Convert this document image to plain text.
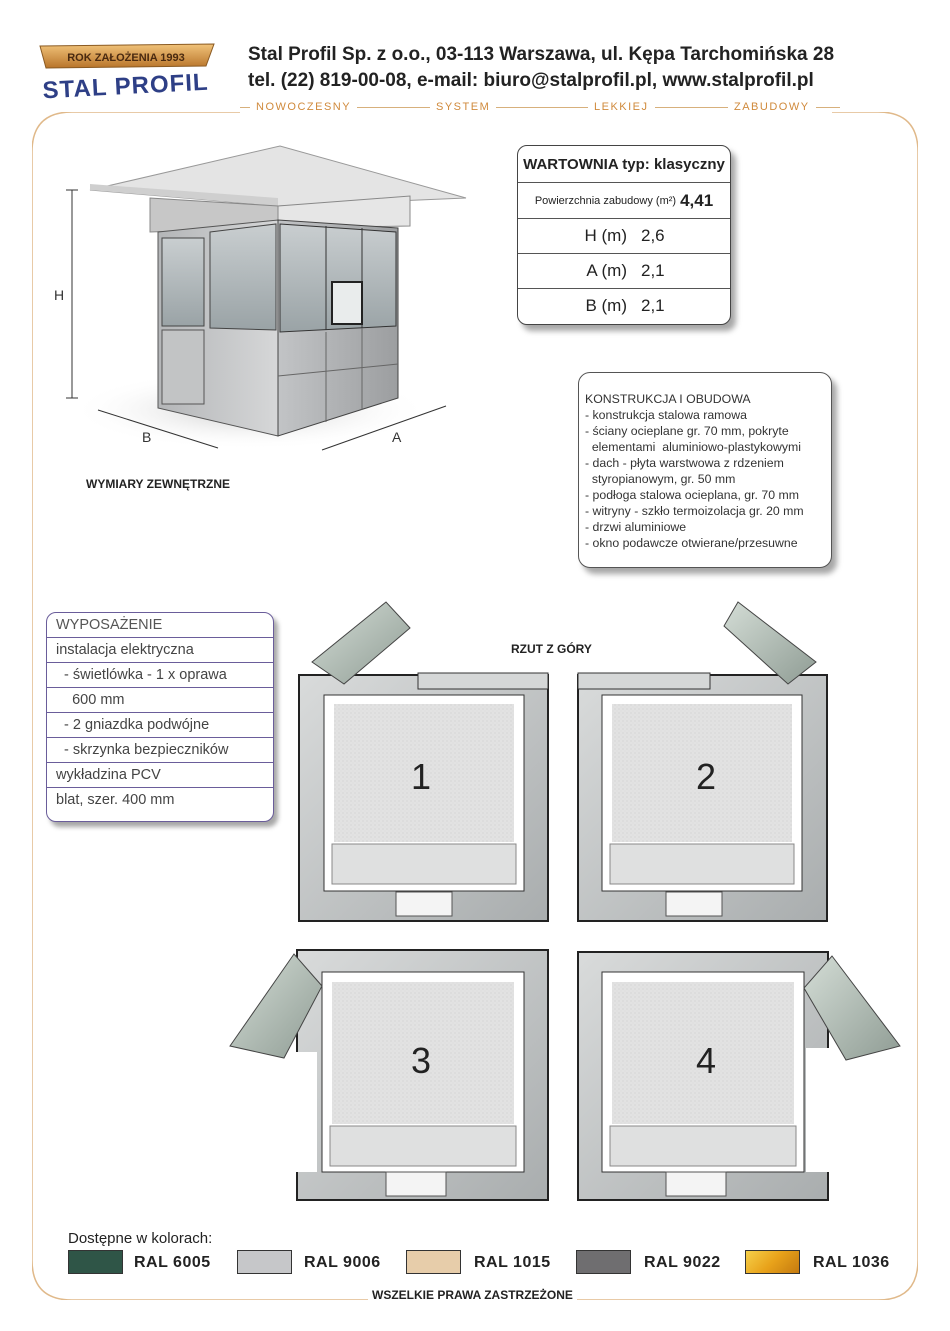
ROK ZAŁOŻENIA 1993
STAL PROFIL
Stal Profil Sp. z o.o., 03-113 Warszawa, ul. Kępa Tarchomińska 28
tel. (22) 819-00-08, e-mail: biuro@stalprofil.pl, www.stalprofil.pl
NOWOCZESNY	SYSTEM	LEKKIEJ	ZABUDOWY
H
B	A
WYMIARY ZEWNĘTRZNE
WARTOWNIA typ: klasyczny
Powierzchnia zabudowy (m²) 4,41
H (m) 2,6
A (m) 2,1
B (m) 2,1
KONSTRUKCJA I OBUDOWA
- konstrukcja stalowa ramowa
- ściany ocieplane gr. 70 mm, pokryte
elementami  aluminiowo-plastykowymi
- dach - płyta warstwowa z rdzeniem
styropianowym, gr. 50 mm
- podłoga stalowa ocieplana, gr. 70 mm
- witryny - szkło termoizolacja gr. 20 mm
- drzwi aluminiowe
- okno podawcze otwierane/przesuwne
WYPOSAŻENIE
instalacja elektryczna
- świetlówka - 1 x oprawa
600 mm
- 2 gniazdka podwójne
- skrzynka bezpieczników
wykładzina PCV
blat, szer. 400 mm
RZUT Z GÓRY
1	2
3	4
Dostępne w kolorach:
RAL 6005	RAL 9006	RAL 1015	RAL 9022	RAL 1036
WSZELKIE PRAWA ZASTRZEŻONE
